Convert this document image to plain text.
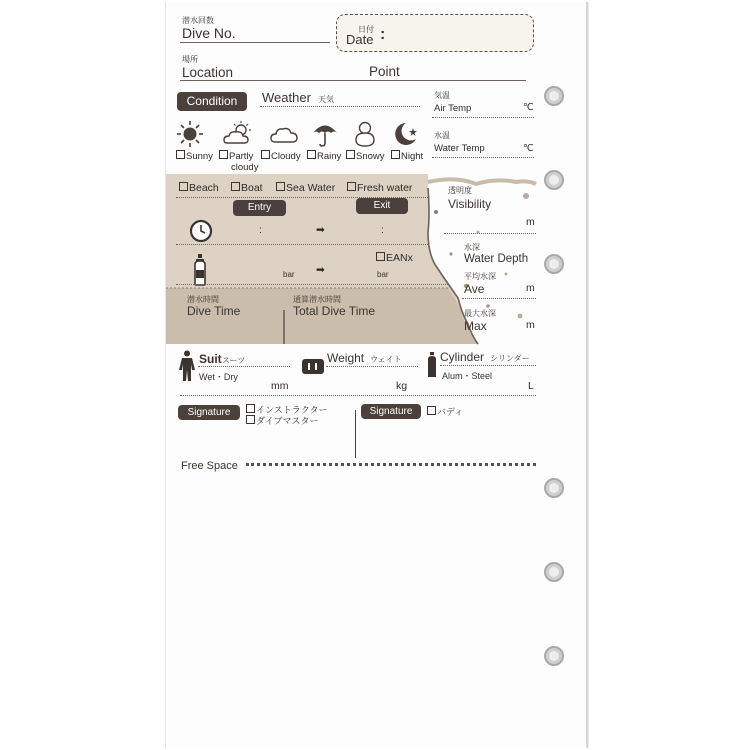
潜水回数
Dive No.	日付
Date :
場所
Location	Point
Condition	Weather 天気	気温
Air Temp	℃
水温
Water Temp	℃
Sunny	Partly
cloudy
Cloudy	Rainy	Snowy	Night
Beach	Boat	Sea Water	Fresh water
Entry	Exit
:	➡	:
EANx
bar ➡	bar
潜水時間
Dive Time
通算潜水時間
Total Dive Time
透明度
Visibility
m
水深
Water Depth
平均水深
Ave	m
最大水深
Max	m
Suit スーツ
Wet・Dry
mm
Weight ウェイト
kg
Cylinder シリンダー
Alum・Steel
L
Signature	インストラクター
ダイブマスター
Signature	バディ
Free Space
